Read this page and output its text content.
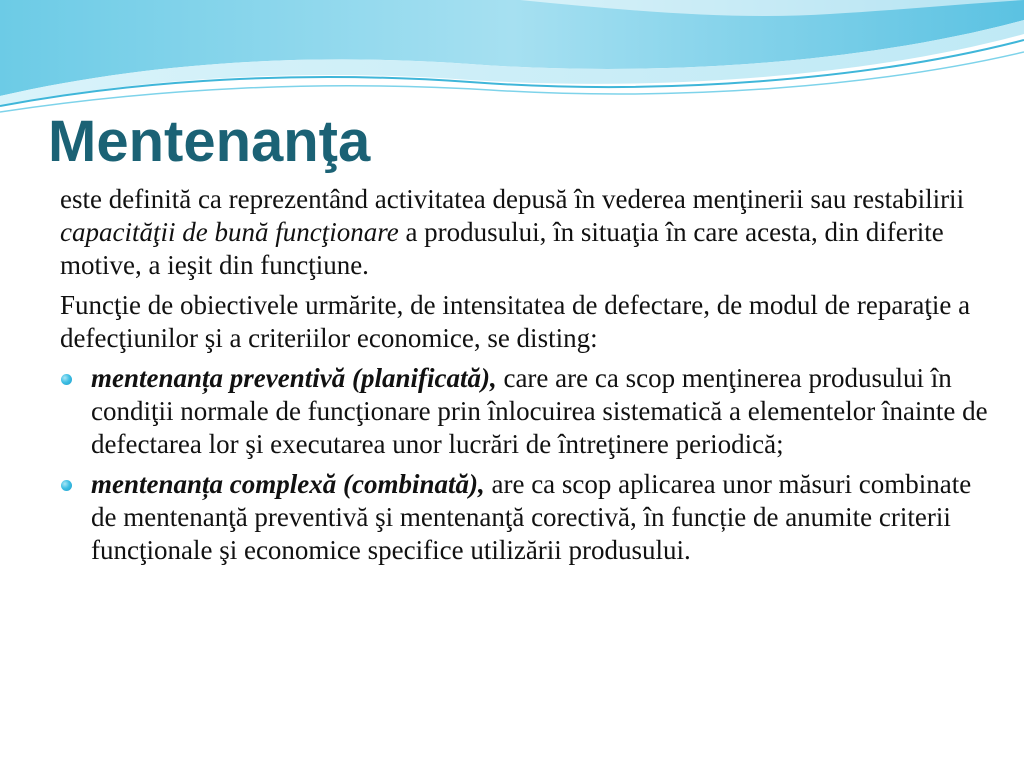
Mentenanţa

este definită ca reprezentând activitatea depusă în vederea menţinerii sau restabilirii capacităţii de bună funcţionare a produsului, în situaţia în care acesta, din diferite motive, a ieşit din funcţiune.

Funcţie de obiectivele urmărite, de intensitatea de defectare, de modul de reparaţie a defecţiunilor şi a criteriilor economice, se disting:

mentenanța preventivă (planificată), care are ca scop menţinerea produsului în condiţii normale de funcţionare prin înlocuirea sistematică a elementelor înainte de defectarea lor şi executarea unor lucrări de întreţinere periodică;
mentenanța complexă (combinată), are ca scop aplicarea unor măsuri combinate de mentenanţă preventivă şi mentenanţă corectivă, în funcție de anumite criterii funcţionale şi economice specifice utilizării produsului.
